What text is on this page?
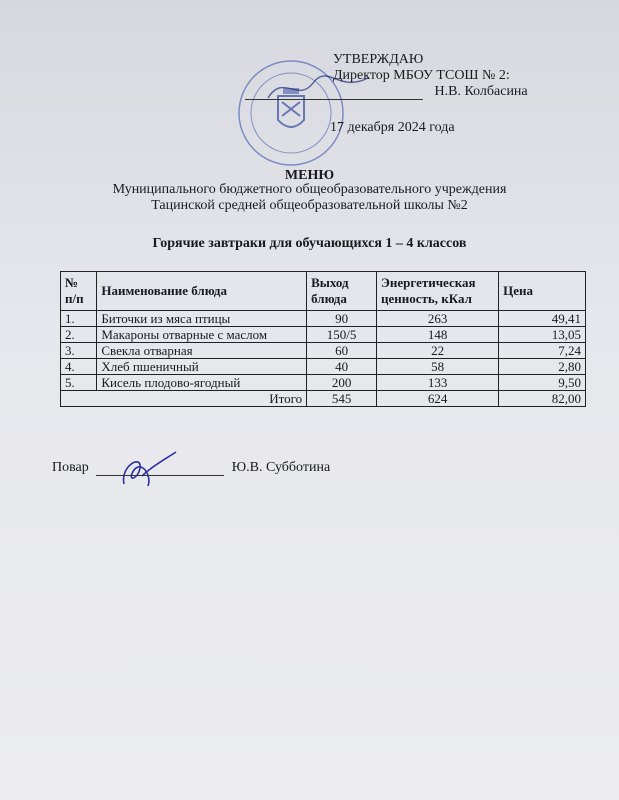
УТВЕРЖДАЮ
Директор МБОУ ТСОШ № 2:
Н.В. Колбасина
17 декабря 2024 года
МЕНЮ
Муниципального бюджетного общеобразовательного учреждения
Тацинской средней общеобразовательной школы №2
Горячие завтраки для обучающихся 1 – 4 классов
№ п/п	Наименование блюда	Выход блюда	Энергетическая ценность, кКал	Цена
1.	Биточки из мяса птицы	90	263	49,41
2.	Макароны отварные с маслом	150/5	148	13,05
3.	Свекла отварная	60	22	7,24
4.	Хлеб пшеничный	40	58	2,80
5.	Кисель плодово-ягодный	200	133	9,50
Итого		545	624	82,00
Повар	Ю.В. Субботина
